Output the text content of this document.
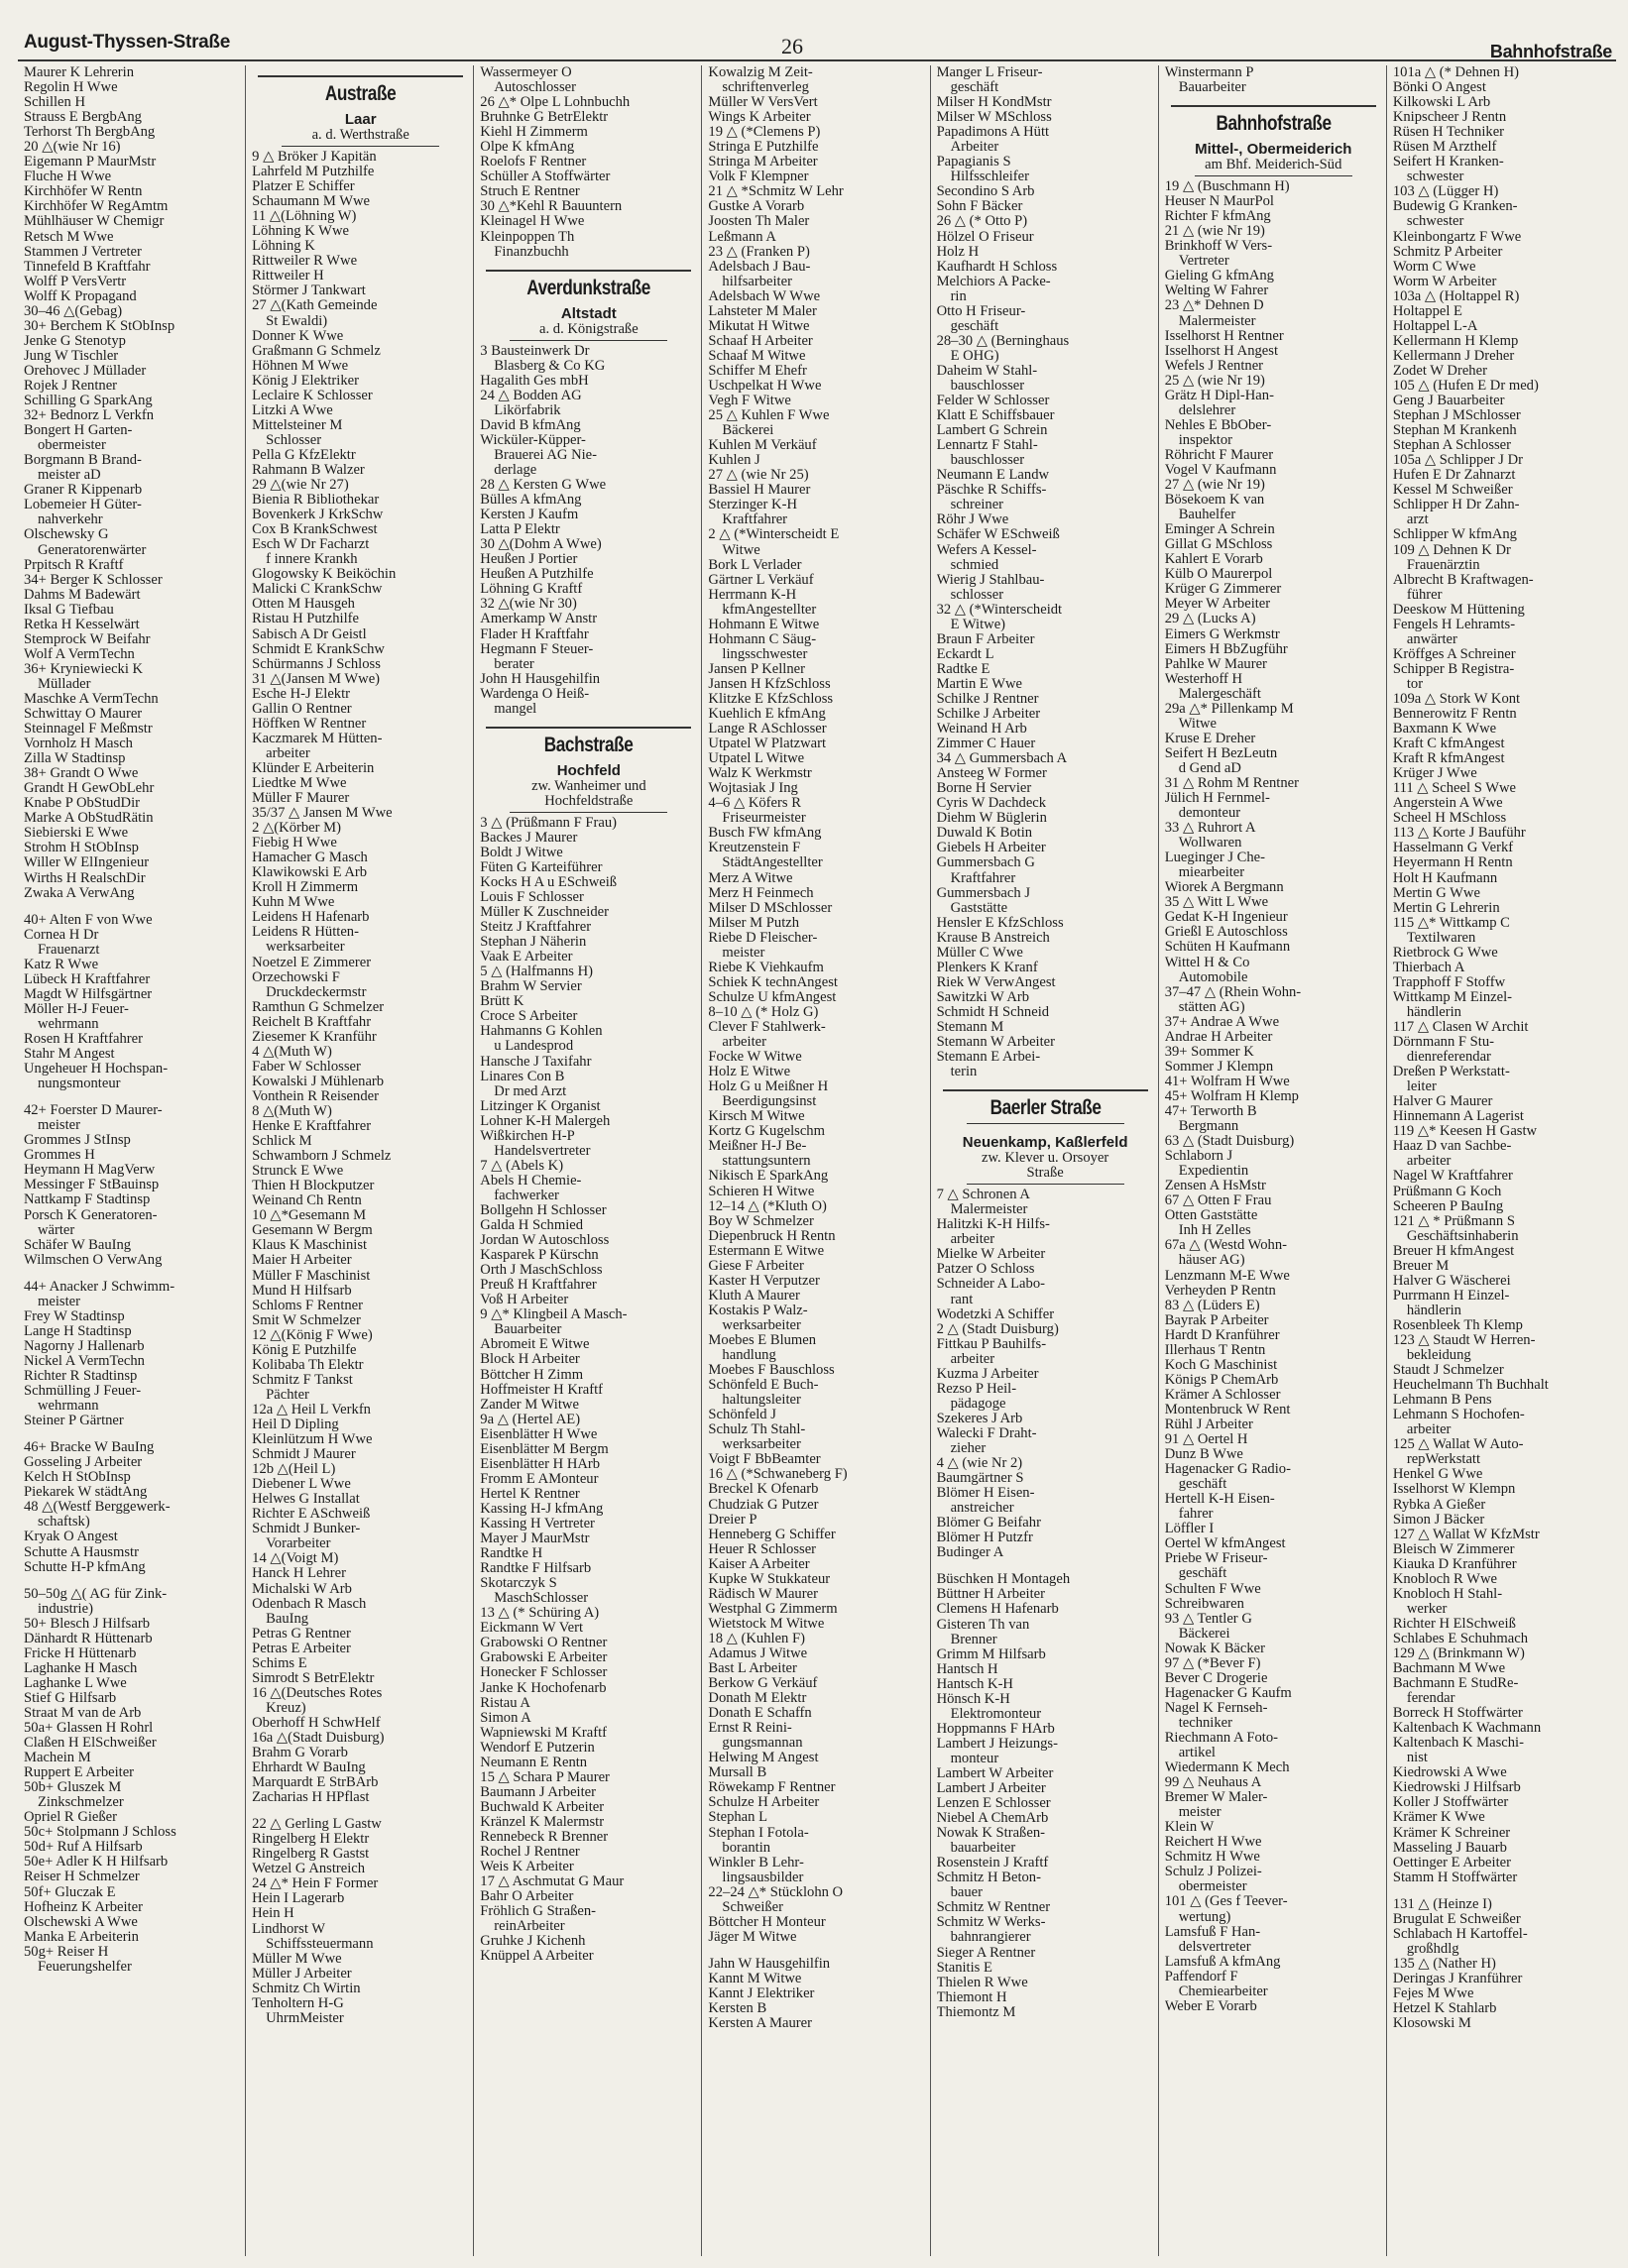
August-Thyssen-Straße	26	Bahnhofstraße
Maurer K Lehrerin
Regolin H Wwe
Schillen H
Strauss E BergbAng
Terhorst Th BergbAng
20 △(wie Nr 16)
Eigemann P MaurMstr
Fluche H Wwe
Kirchhöfer W Rentn
Kirchhöfer W RegAmtm
Mühlhäuser W Chemigr
Retsch M Wwe
Stammen J Vertreter
Tinnefeld B Kraftfahr
Wolff P VersVertr
Wolff K Propagand
30–46 △(Gebag)
30+ Berchem K StObInsp
Jenke G Stenotyp
Jung W Tischler
Orehovec J Müllader
Rojek J Rentner
Schilling G SparkAng
32+ Bednorz L Verkfn
Bongert H Garten-
obermeister
Borgmann B Brand-
meister aD
Graner R Kippenarb
Lobemeier H Güter-
nahverkehr
Olschewsky G
Generatorenwärter
Prpitsch R Kraftf
34+ Berger K Schlosser
Dahms M Badewärt
Iksal G Tiefbau
Retka H Kesselwärt
Stemprock W Beifahr
Wolf A VermTechn
36+ Kryniewiecki K
Müllader
Maschke A VermTechn
Schwittay O Maurer
Steinnagel F Meßmstr
Vornholz H Masch
Zilla W Stadtinsp
38+ Grandt O Wwe
Grandt H GewObLehr
Knabe P ObStudDir
Marke A ObStudRätin
Siebierski E Wwe
Strohm H StObInsp
Willer W ElIngenieur
Wirths H RealschDir
Zwaka A VerwAng
40+ Alten F von Wwe
Cornea H Dr
Frauenarzt
Katz R Wwe
Lübeck H Kraftfahrer
Magdt W Hilfsgärtner
Möller H-J Feuer-
wehrmann
Rosen H Kraftfahrer
Stahr M Angest
Ungeheuer H Hochspan-
nungsmonteur
42+ Foerster D Maurer-
meister
Grommes J StInsp
Grommes H
Heymann H MagVerw
Messinger F StBauinsp
Nattkamp F Stadtinsp
Porsch K Generatoren-
wärter
Schäfer W BauIng
Wilmschen O VerwAng
44+ Anacker J Schwimm-
meister
Frey W Stadtinsp
Lange H Stadtinsp
Nagorny J Hallenarb
Nickel A VermTechn
Richter R Stadtinsp
Schmülling J Feuer-
wehrmann
Steiner P Gärtner
46+ Bracke W BauIng
Gosseling J Arbeiter
Kelch H StObInsp
Piekarek W städtAng
48 △(Westf Berggewerk-
schaftsk)
Kryak O Angest
Schutte A Hausmstr
Schutte H-P kfmAng
50–50g △( AG für Zink-
industrie)
50+ Blesch J Hilfsarb
Dänhardt R Hüttenarb
Fricke H Hüttenarb
Laghanke H Masch
Laghanke L Wwe
Stief G Hilfsarb
Straat M van de Arb
50a+ Glassen H Rohrl
Claßen H ElSchweißer
Machein M
Ruppert E Arbeiter
50b+ Gluszek M
Zinkschmelzer
Opriel R Gießer
50c+ Stolpmann J Schloss
50d+ Ruf A Hilfsarb
50e+ Adler K H Hilfsarb
Reiser H Schmelzer
50f+ Gluczak E
Hofheinz K Arbeiter
Olschewski A Wwe
Manka E Arbeiterin
50g+ Reiser H
Feuerungshelfer
Austraße
Laar
a. d. Werthstraße
9 △ Bröker J Kapitän
Lahrfeld M Putzhilfe
Platzer E Schiffer
Schaumann M Wwe
11 △(Löhning W)
Löhning K Wwe
Löhning K
Rittweiler R Wwe
Rittweiler H
Störmer J Tankwart
27 △(Kath Gemeinde
St Ewaldi)
Donner K Wwe
Graßmann G Schmelz
Höhnen M Wwe
König J Elektriker
Leclaire K Schlosser
Litzki A Wwe
Mittelsteiner M
Schlosser
Pella G KfzElektr
Rahmann B Walzer
29 △(wie Nr 27)
Bienia R Bibliothekar
Bovenkerk J KrkSchw
Cox B KrankSchwest
Esch W Dr Facharzt
f innere Krankh
Glogowsky K Beiköchin
Malicki C KrankSchw
Otten M Hausgeh
Ristau H Putzhilfe
Sabisch A Dr Geistl
Schmidt E KrankSchw
Schürmanns J Schloss
31 △(Jansen M Wwe)
Esche H-J Elektr
Gallin O Rentner
Höffken W Rentner
Kaczmarek M Hütten-
arbeiter
Klünder E Arbeiterin
Liedtke M Wwe
Müller F Maurer
35/37 △ Jansen M Wwe
2 △(Körber M)
Fiebig H Wwe
Hamacher G Masch
Klawikowski E Arb
Kroll H Zimmerm
Kuhn M Wwe
Leidens H Hafenarb
Leidens R Hütten-
werksarbeiter
Noetzel E Zimmerer
Orzechowski F
Druckdeckermstr
Ramthun G Schmelzer
Reichelt B Kraftfahr
Ziesemer K Kranführ
4 △(Muth W)
Faber W Schlosser
Kowalski J Mühlenarb
Vonthein R Reisender
8 △(Muth W)
Henke E Kraftfahrer
Schlick M
Schwamborn J Schmelz
Strunck E Wwe
Thien H Blockputzer
Weinand Ch Rentn
10 △*Gesemann M
Gesemann W Bergm
Klaus K Maschinist
Maier H Arbeiter
Müller F Maschinist
Mund H Hilfsarb
Schloms F Rentner
Smit W Schmelzer
12 △(König F Wwe)
König E Putzhilfe
Kolibaba Th Elektr
Schmitz F Tankst
Pächter
12a △ Heil L Verkfn
Heil D Dipling
Kleinlützum H Wwe
Schmidt J Maurer
12b △(Heil L)
Diebener L Wwe
Helwes G Installat
Richter E ASchweiß
Schmidt J Bunker-
Vorarbeiter
14 △(Voigt M)
Hanck H Lehrer
Michalski W Arb
Odenbach R Masch
BauIng
Petras G Rentner
Petras E Arbeiter
Schims E
Simrodt S BetrElektr
16 △(Deutsches Rotes
Kreuz)
Oberhoff H SchwHelf
16a △(Stadt Duisburg)
Brahm G Vorarb
Ehrhardt W BauIng
Marquardt E StrBArb
Zacharias H HPflast
22 △ Gerling L Gastw
Ringelberg H Elektr
Ringelberg R Gastst
Wetzel G Anstreich
24 △* Hein F Former
Hein I Lagerarb
Hein H
Lindhorst W
Schiffssteuermann
Müller M Wwe
Müller J Arbeiter
Schmitz Ch Wirtin
Tenholtern H-G
UhrmMeister
Wassermeyer O
Autoschlosser
26 △* Olpe L Lohnbuchh
Bruhnke G BetrElektr
Kiehl H Zimmerm
Olpe K kfmAng
Roelofs F Rentner
Schüller A Stoffwärter
Struch E Rentner
30 △*Kehl R Bauuntern
Kleinagel H Wwe
Kleinpoppen Th
Finanzbuchh
Averdunkstraße
Altstadt
a. d. Königstraße
3 Bausteinwerk Dr
Blasberg & Co KG
Hagalith Ges mbH
24 △ Bodden AG
Likörfabrik
David B kfmAng
Wicküler-Küpper-
Brauerei AG Nie-
derlage
28 △ Kersten G Wwe
Bülles A kfmAng
Kersten J Kaufm
Latta P Elektr
30 △(Dohm A Wwe)
Heußen J Portier
Heußen A Putzhilfe
Löhning G Kraftf
32 △(wie Nr 30)
Amerkamp W Anstr
Flader H Kraftfahr
Hegmann F Steuer-
berater
John H Hausgehilfin
Wardenga O Heiß-
mangel
Bachstraße
Hochfeld
zw. Wanheimer und
Hochfeldstraße
3 △ (Prüßmann F Frau)
Backes J Maurer
Boldt J Witwe
Füten G Karteiführer
Kocks H A u ESchweiß
Louis F Schlosser
Müller K Zuschneider
Steitz J Kraftfahrer
Stephan J Näherin
Vaak E Arbeiter
5 △ (Halfmanns H)
Brahm W Servier
Brütt K
Croce S Arbeiter
Hahmanns G Kohlen
u Landesprod
Hansche J Taxifahr
Linares Con B
Dr med Arzt
Litzinger K Organist
Lohner K-H Malergeh
Wißkirchen H-P
Handelsvertreter
7 △ (Abels K)
Abels H Chemie-
fachwerker
Bollgehn H Schlosser
Galda H Schmied
Jordan W Autoschloss
Kasparek P Kürschn
Orth J MaschSchloss
Preuß H Kraftfahrer
Voß H Arbeiter
9 △* Klingbeil A Masch-
Bauarbeiter
Abromeit E Witwe
Block H Arbeiter
Böttcher H Zimm
Hoffmeister H Kraftf
Zander M Witwe
9a △ (Hertel AE)
Eisenblätter H Wwe
Eisenblätter M Bergm
Eisenblätter H HArb
Fromm E AMonteur
Hertel K Rentner
Kassing H-J kfmAng
Kassing H Vertreter
Mayer J MaurMstr
Randtke H
Randtke F Hilfsarb
Skotarczyk S
MaschSchlosser
13 △ (* Schüring A)
Eickmann W Vert
Grabowski O Rentner
Grabowski E Arbeiter
Honecker F Schlosser
Janke K Hochofenarb
Ristau A
Simon A
Wapniewski M Kraftf
Wendorf E Putzerin
Neumann E Rentn
15 △ Schara P Maurer
Baumann J Arbeiter
Buchwald K Arbeiter
Kränzel K Malermstr
Rennebeck R Brenner
Rochel J Rentner
Weis K Arbeiter
17 △ Aschmutat G Maur
Bahr O Arbeiter
Fröhlich G Straßen-
reinArbeiter
Gruhke J Kichenh
Knüppel A Arbeiter
Kowalzig M Zeit-
schriftenverleg
Müller W VersVert
Wings K Arbeiter
19 △ (*Clemens P)
Stringa E Putzhilfe
Stringa M Arbeiter
Volk F Klempner
21 △ *Schmitz W Lehr
Gustke A Vorarb
Joosten Th Maler
Leßmann A
23 △ (Franken P)
Adelsbach J Bau-
hilfsarbeiter
Adelsbach W Wwe
Lahsteter M Maler
Mikutat H Witwe
Schaaf H Arbeiter
Schaaf M Witwe
Schiffer M Ehefr
Uschpelkat H Wwe
Vegh F Witwe
25 △ Kuhlen F Wwe
Bäckerei
Kuhlen M Verkäuf
Kuhlen J
27 △ (wie Nr 25)
Bassiel H Maurer
Sterzinger K-H
Kraftfahrer
2 △ (*Winterscheidt E
Witwe
Bork L Verlader
Gärtner L Verkäuf
Herrmann K-H
kfmAngestellter
Hohmann E Witwe
Hohmann C Säug-
lingsschwester
Jansen P Kellner
Jansen H KfzSchloss
Klitzke E KfzSchloss
Kuehlich E kfmAng
Lange R ASchlosser
Utpatel W Platzwart
Utpatel L Witwe
Walz K Werkmstr
Wojtasiak J Ing
4–6 △ Köfers R
Friseurmeister
Busch FW kfmAng
Kreutzenstein F
StädtAngestellter
Merz A Witwe
Merz H Feinmech
Milser D MSchlosser
Milser M Putzh
Riebe D Fleischer-
meister
Riebe K Viehkaufm
Schiek K technAngest
Schulze U kfmAngest
8–10 △ (* Holz G)
Clever F Stahlwerk-
arbeiter
Focke W Witwe
Holz E Witwe
Holz G u Meißner H
Beerdigungsinst
Kirsch M Witwe
Kortz G Kugelschm
Meißner H-J Be-
stattungsuntern
Nikisch E SparkAng
Schieren H Witwe
12–14 △ (*Kluth O)
Boy W Schmelzer
Diepenbruck H Rentn
Estermann E Witwe
Giese F Arbeiter
Kaster H Verputzer
Kluth A Maurer
Kostakis P Walz-
werksarbeiter
Moebes E Blumen
handlung
Moebes F Bauschloss
Schönfeld E Buch-
haltungsleiter
Schönfeld J
Schulz Th Stahl-
werksarbeiter
Voigt F BbBeamter
16 △ (*Schwaneberg F)
Breckel K Ofenarb
Chudziak G Putzer
Dreier P
Henneberg G Schiffer
Heuer R Schlosser
Kaiser A Arbeiter
Kupke W Stukkateur
Rädisch W Maurer
Westphal G Zimmerm
Wietstock M Witwe
18 △ (Kuhlen F)
Adamus J Witwe
Bast L Arbeiter
Berkow G Verkäuf
Donath M Elektr
Donath E Schaffn
Ernst R Reini-
gungsmannan
Helwing M Angest
Mursall B
Röwekamp F Rentner
Schulze H Arbeiter
Stephan L
Stephan I Fotola-
borantin
Winkler B Lehr-
lingsausbilder
22–24 △* Stücklohn O
Schweißer
Böttcher H Monteur
Jäger M Witwe
Jahn W Hausgehilfin
Kannt M Witwe
Kannt J Elektriker
Kersten B
Kersten A Maurer
Manger L Friseur-
geschäft
Milser H KondMstr
Milser W MSchloss
Papadimons A Hütt
Arbeiter
Papagianis S
Hilfsschleifer
Secondino S Arb
Sohn F Bäcker
26 △ (* Otto P)
Hölzel O Friseur
Holz H
Kaufhardt H Schloss
Melchiors A Packe-
rin
Otto H Friseur-
geschäft
28–30 △ (Berninghaus
E OHG)
Daheim W Stahl-
bauschlosser
Felder W Schlosser
Klatt E Schiffsbauer
Lambert G Schrein
Lennartz F Stahl-
bauschlosser
Neumann E Landw
Päschke R Schiffs-
schreiner
Röhr J Wwe
Schäfer W ESchweiß
Wefers A Kessel-
schmied
Wierig J Stahlbau-
schlosser
32 △ (*Winterscheidt
E Witwe)
Braun F Arbeiter
Eckardt L
Radtke E
Martin E Wwe
Schilke J Rentner
Schilke J Arbeiter
Weinand H Arb
Zimmer C Hauer
34 △ Gummersbach A
Ansteeg W Former
Borne H Servier
Cyris W Dachdeck
Diehm W Büglerin
Duwald K Botin
Giebels H Arbeiter
Gummersbach G
Kraftfahrer
Gummersbach J
Gaststätte
Hensler E KfzSchloss
Krause B Anstreich
Müller C Wwe
Plenkers K Kranf
Riek W VerwAngest
Sawitzki W Arb
Schmidt H Schneid
Stemann M
Stemann W Arbeiter
Stemann E Arbei-
terin
Baerler Straße
Neuenkamp, Kaßlerfeld
zw. Klever u. Orsoyer
Straße
7 △ Schronen A
Malermeister
Halitzki K-H Hilfs-
arbeiter
Mielke W Arbeiter
Patzer O Schloss
Schneider A Labo-
rant
Wodetzki A Schiffer
2 △ (Stadt Duisburg)
Fittkau P Bauhilfs-
arbeiter
Kuzma J Arbeiter
Rezso P Heil-
pädagoge
Szekeres J Arb
Walecki F Draht-
zieher
4 △ (wie Nr 2)
Baumgärtner S
Blömer H Eisen-
anstreicher
Blömer G Beifahr
Blömer H Putzfr
Budinger A
Büschken H Montageh
Büttner H Arbeiter
Clemens H Hafenarb
Gisteren Th van
Brenner
Grimm M Hilfsarb
Hantsch H
Hantsch K-H
Hönsch K-H
Elektromonteur
Hoppmanns F HArb
Lambert J Heizungs-
monteur
Lambert W Arbeiter
Lambert J Arbeiter
Lenzen E Schlosser
Niebel A ChemArb
Nowak K Straßen-
bauarbeiter
Rosenstein J Kraftf
Schmitz H Beton-
bauer
Schmitz W Rentner
Schmitz W Werks-
bahnrangierer
Sieger A Rentner
Stanitis E
Thielen R Wwe
Thiemont H
Thiemontz M
Winstermann P
Bauarbeiter
Bahnhofstraße
Mittel-, Obermeiderich
am Bhf. Meiderich-Süd
19 △ (Buschmann H)
Heuser N MaurPol
Richter F kfmAng
21 △ (wie Nr 19)
Brinkhoff W Vers-
Vertreter
Gieling G kfmAng
Welting W Fahrer
23 △* Dehnen D
Malermeister
Isselhorst H Rentner
Isselhorst H Angest
Wefels J Rentner
25 △ (wie Nr 19)
Grätz H Dipl-Han-
delslehrer
Nehles E BbOber-
inspektor
Röhricht F Maurer
Vogel V Kaufmann
27 △ (wie Nr 19)
Bösekoem K van
Bauhelfer
Eminger A Schrein
Gillat G MSchloss
Kahlert E Vorarb
Külb O Maurerpol
Krüger G Zimmerer
Meyer W Arbeiter
29 △ (Lucks A)
Eimers G Werkmstr
Eimers H BbZugführ
Pahlke W Maurer
Westerhoff H
Malergeschäft
29a △* Pillenkamp M
Witwe
Kruse E Dreher
Seifert H BezLeutn
d Gend aD
31 △ Rohm M Rentner
Jülich H Fernmel-
demonteur
33 △ Ruhrort A
Wollwaren
Lueginger J Che-
miearbeiter
Wiorek A Bergmann
35 △ Witt L Wwe
Gedat K-H Ingenieur
Grießl E Autoschloss
Schüten H Kaufmann
Wittel H & Co
Automobile
37–47 △ (Rhein Wohn-
stätten AG)
37+ Andrae A Wwe
Andrae H Arbeiter
39+ Sommer K
Sommer J Klempn
41+ Wolfram H Wwe
45+ Wolfram H Klemp
47+ Terworth B
Bergmann
63 △ (Stadt Duisburg)
Schlaborn J
Expedientin
Zensen A HsMstr
67 △ Otten F Frau
Otten Gaststätte
Inh H Zelles
67a △ (Westd Wohn-
häuser AG)
Lenzmann M-E Wwe
Verheyden P Rentn
83 △ (Lüders E)
Bayrak P Arbeiter
Hardt D Kranführer
Illerhaus T Rentn
Koch G Maschinist
Königs P ChemArb
Krämer A Schlosser
Montenbruck W Rent
Rühl J Arbeiter
91 △ Oertel H
Dunz B Wwe
Hagenacker G Radio-
geschäft
Hertell K-H Eisen-
fahrer
Löffler I
Oertel W kfmAngest
Priebe W Friseur-
geschäft
Schulten F Wwe
Schreibwaren
93 △ Tentler G
Bäckerei
Nowak K Bäcker
97 △ (*Bever F)
Bever C Drogerie
Hagenacker G Kaufm
Nagel K Fernseh-
techniker
Riechmann A Foto-
artikel
Wiedermann K Mech
99 △ Neuhaus A
Bremer W Maler-
meister
Klein W
Reichert H Wwe
Schmitz H Wwe
Schulz J Polizei-
obermeister
101 △ (Ges f Teever-
wertung)
Lamsfuß F Han-
delsvertreter
Lamsfuß A kfmAng
Paffendorf F
Chemiearbeiter
Weber E Vorarb
101a △ (* Dehnen H)
Bönki O Angest
Kilkowski L Arb
Knipscheer J Rentn
Rüsen H Techniker
Rüsen M Arzthelf
Seifert H Kranken-
schwester
103 △ (Lügger H)
Budewig G Kranken-
schwester
Kleinbongartz F Wwe
Schmitz P Arbeiter
Worm C Wwe
Worm W Arbeiter
103a △ (Holtappel R)
Holtappel E
Holtappel L-A
Kellermann H Klemp
Kellermann J Dreher
Zodet W Dreher
105 △ (Hufen E Dr med)
Geng J Bauarbeiter
Stephan J MSchlosser
Stephan M Krankenh
Stephan A Schlosser
105a △ Schlipper J Dr
Hufen E Dr Zahnarzt
Kessel M Schweißer
Schlipper H Dr Zahn-
arzt
Schlipper W kfmAng
109 △ Dehnen K Dr
Frauenärztin
Albrecht B Kraftwagen-
führer
Deeskow M Hüttening
Fengels H Lehramts-
anwärter
Kröffges A Schreiner
Schipper B Registra-
tor
109a △ Stork W Kont
Bennerowitz F Rentn
Baxmann K Wwe
Kraft C kfmAngest
Kraft R kfmAngest
Krüger J Wwe
111 △ Scheel S Wwe
Angerstein A Wwe
Scheel H MSchloss
113 △ Korte J Bauführ
Hasselmann G Verkf
Heyermann H Rentn
Holt H Kaufmann
Mertin G Wwe
Mertin G Lehrerin
115 △* Wittkamp C
Textilwaren
Rietbrock G Wwe
Thierbach A
Trapphoff F Stoffw
Wittkamp M Einzel-
händlerin
117 △ Clasen W Archit
Dörnmann F Stu-
dienreferendar
Dreßen P Werkstatt-
leiter
Halver G Maurer
Hinnemann A Lagerist
119 △* Keesen H Gastw
Haaz D van Sachbe-
arbeiter
Nagel W Kraftfahrer
Prüßmann G Koch
Scheeren P BauIng
121 △ * Prüßmann S
Geschäftsinhaberin
Breuer H kfmAngest
Breuer M
Halver G Wäscherei
Purrmann H Einzel-
händlerin
Rosenbleek Th Klemp
123 △ Staudt W Herren-
bekleidung
Staudt J Schmelzer
Heuchelmann Th Buchhalt
Lehmann B Pens
Lehmann S Hochofen-
arbeiter
125 △ Wallat W Auto-
repWerkstatt
Henkel G Wwe
Isselhorst W Klempn
Rybka A Gießer
Simon J Bäcker
127 △ Wallat W KfzMstr
Bleisch W Zimmerer
Kiauka D Kranführer
Knobloch R Wwe
Knobloch H Stahl-
werker
Richter H ElSchweiß
Schlabes E Schuhmach
129 △ (Brinkmann W)
Bachmann M Wwe
Bachmann E StudRe-
ferendar
Borreck H Stoffwärter
Kaltenbach K Wachmann
Kaltenbach K Maschi-
nist
Kiedrowski A Wwe
Kiedrowski J Hilfsarb
Koller J Stoffwärter
Krämer K Wwe
Krämer K Schreiner
Masseling J Bauarb
Oettinger E Arbeiter
Stamm H Stoffwärter
131 △ (Heinze I)
Brugulat E Schweißer
Schlabach H Kartoffel-
großhdlg
135 △ (Nather H)
Deringas J Kranführer
Fejes M Wwe
Hetzel K Stahlarb
Klosowski M
